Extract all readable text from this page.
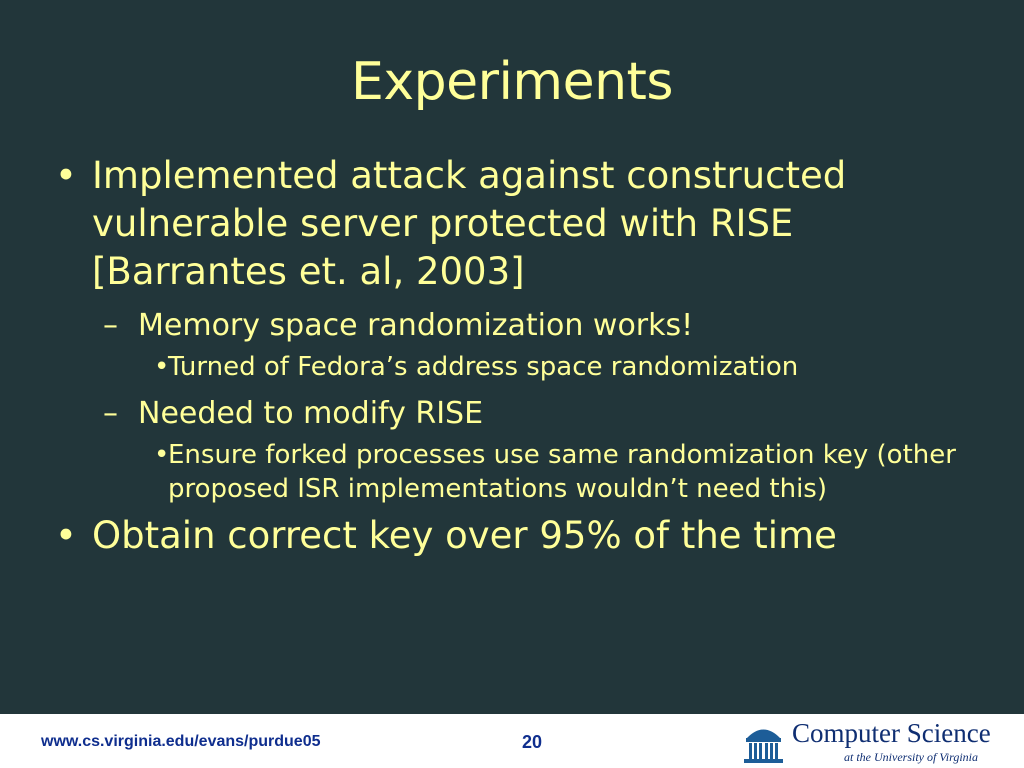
Experiments
• Implemented attack against constructed vulnerable server protected with RISE [Barrantes et. al, 2003]
– Memory space randomization works!
•
Turned of Fedora’s address space randomization
– Needed to modify RISE
•
Ensure forked processes use same randomization key (other proposed ISR implementations wouldn’t need this)
• Obtain correct key over 95% of the time
www.cs.virginia.edu/evans/purdue05	20	Computer Science
at the University of Virginia
